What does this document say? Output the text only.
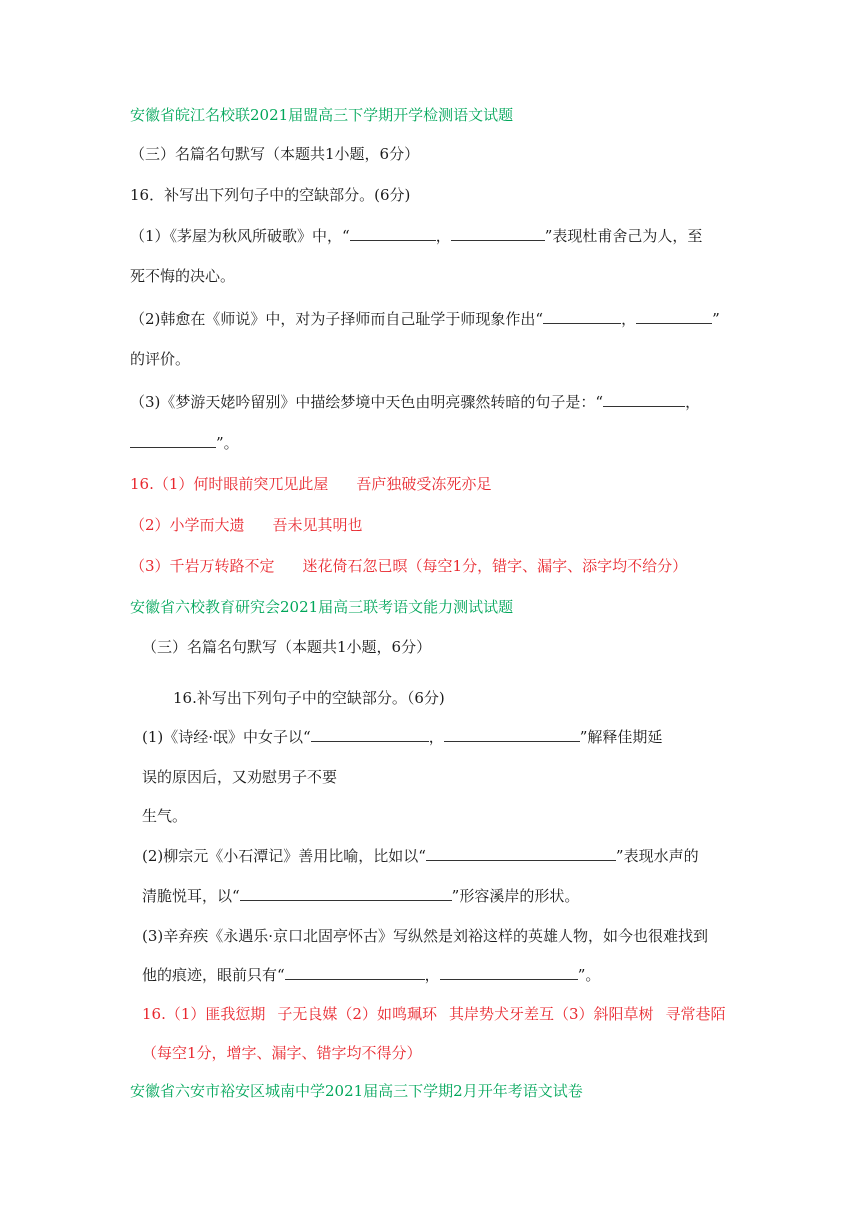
安徽省皖江名校联2021届盟高三下学期开学检测语文试题
（三）名篇名句默写（本题共1小题，6分）
16．补写出下列句子中的空缺部分。(6分)
（1）《茅屋为秋风所破歌》中，“	，	”表现杜甫舍己为人，至
死不悔的决心。
（2)韩愈在《师说》中，对为子择师而自己耻学于师现象作出“	，	”
的评价。
（3)《梦游天姥吟留别》中描绘梦境中天色由明亮骤然转暗的句子是：“	，
”。
16.（1）何时眼前突兀见此屋 吾庐独破受冻死亦足
（2）小学而大遗 吾未见其明也
（3）千岩万转路不定 迷花倚石忽已暝（每空1分，错字、漏字、添字均不给分）
安徽省六校教育研究会2021届高三联考语文能力测试试题
（三）名篇名句默写（本题共1小题，6分）
16.补写出下列句子中的空缺部分。（6分)
(1)《诗经·氓》中女子以“	，	”解释佳期延
误的原因后，又劝慰男子不要
生气。
(2)柳宗元《小石潭记》善用比喻，比如以“	”表现水声的
清脆悦耳，以“	”形容溪岸的形状。
(3)辛弃疾《永遇乐·京口北固亭怀古》写纵然是刘裕这样的英雄人物，如今也很难找到
他的痕迹，眼前只有“	，	”。
16.（1）匪我愆期 子无良媒（2）如鸣珮环 其岸势犬牙差互（3）斜阳草树 寻常巷陌
（每空1分，增字、漏字、错字均不得分）
安徽省六安市裕安区城南中学2021届高三下学期2月开年考语文试卷
